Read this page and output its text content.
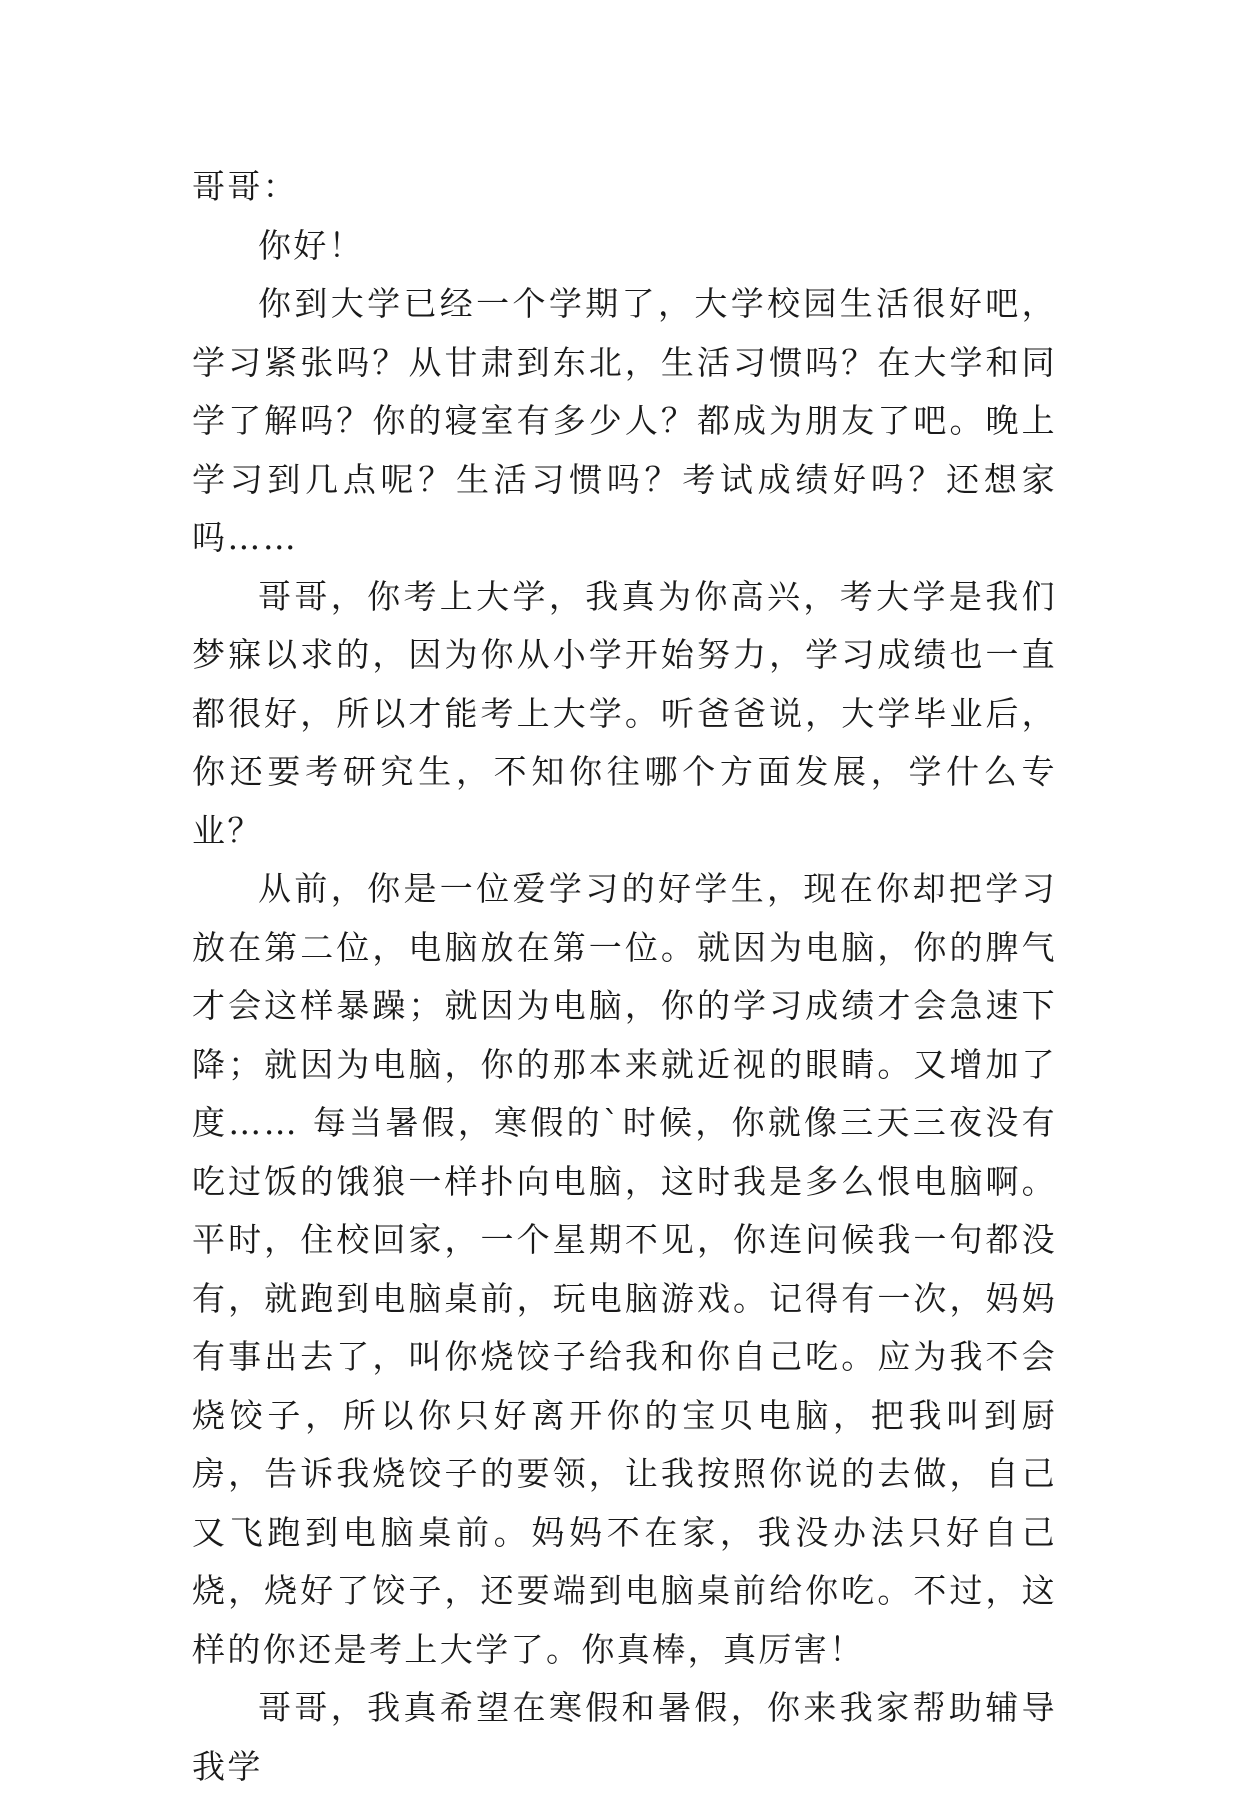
哥哥：

你好！

你到大学已经一个学期了，大学校园生活很好吧，学习紧张吗？从甘肃到东北，生活习惯吗？在大学和同学了解吗？你的寝室有多少人？都成为朋友了吧。晚上学习到几点呢？生活习惯吗？考试成绩好吗？还想家吗……

哥哥，你考上大学，我真为你高兴，考大学是我们梦寐以求的，因为你从小学开始努力，学习成绩也一直都很好，所以才能考上大学。听爸爸说，大学毕业后，你还要考研究生，不知你往哪个方面发展，学什么专业？

从前，你是一位爱学习的好学生，现在你却把学习放在第二位，电脑放在第一位。就因为电脑，你的脾气才会这样暴躁；就因为电脑，你的学习成绩才会急速下降；就因为电脑，你的那本来就近视的眼睛。又增加了度…… 每当暑假，寒假的`时候，你就像三天三夜没有吃过饭的饿狼一样扑向电脑，这时我是多么恨电脑啊。平时，住校回家，一个星期不见，你连问候我一句都没有，就跑到电脑桌前，玩电脑游戏。记得有一次，妈妈有事出去了，叫你烧饺子给我和你自己吃。应为我不会烧饺子，所以你只好离开你的宝贝电脑，把我叫到厨房，告诉我烧饺子的要领，让我按照你说的去做，自己又飞跑到电脑桌前。妈妈不在家，我没办法只好自己烧，烧好了饺子，还要端到电脑桌前给你吃。不过，这样的你还是考上大学了。你真棒，真厉害！

哥哥，我真希望在寒假和暑假，你来我家帮助辅导我学
